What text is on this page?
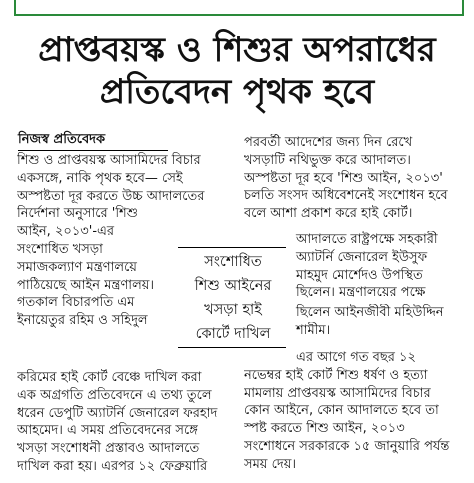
প্রাপ্তবয়স্ক ও শিশুর অপরাধের
প্রতিবেদন পৃথক হবে
নিজস্ব প্রতিবেদক
শিশু ও প্রাপ্তবয়স্ক আসামিদের বিচার
একসঙ্গে, নাকি পৃথক হবে— সেই
অস্পষ্টতা দূর করতে উচ্চ আদালতের
নির্দেশনা অনুসারে 'শিশু
আইন, ২০১৩'-এর
সংশোধিত খসড়া
সমাজকল্যাণ মন্ত্রণালয়ে
পাঠিয়েছে আইন মন্ত্রণালয়।
গতকাল বিচারপতি এম
ইনায়েতুর রহিম ও সহিদুল
করিমের হাই কোর্ট বেঞ্চে দাখিল করা
এক অগ্রগতি প্রতিবেদনে এ তথ্য তুলে
ধরেন ডেপুটি অ্যাটর্নি জেনারেল ফরহাদ
আহমেদ। এ সময় প্রতিবেদনের সঙ্গে
খসড়া সংশোধনী প্রস্তাবও আদালতে
দাখিল করা হয়। এরপর ১২ ফেব্রুয়ারি
পরবর্তী আদেশের জন্য দিন রেখে
খসড়াটি নথিভুক্ত করে আদালত।
অস্পষ্টতা দূর হবে 'শিশু আইন, ২০১৩'
চলতি সংসদ অধিবেশনেই সংশোধন হবে
বলে আশা প্রকাশ করে হাই কোর্ট।
আদালতে রাষ্ট্রপক্ষে সহকারী
অ্যাটর্নি জেনারেল ইউসুফ
মাহমুদ মোর্শেদও উপস্থিত
ছিলেন। মন্ত্রণালয়ের পক্ষে
ছিলেন আইনজীবী মহিউদ্দিন
শামীম।
এর আগে গত বছর ১২
নভেম্বর হাই কোর্ট শিশু ধর্ষণ ও হত্যা
মামলায় প্রাপ্তবয়স্ক আসামিদের বিচার
কোন আইনে, কোন আদালতে হবে তা
স্পষ্ট করতে শিশু আইন, ২০১৩
সংশোধনে সরকারকে ১৫ জানুয়ারি পর্যন্ত
সময় দেয়।
সংশোধিত
শিশু আইনের
খসড়া হাই
কোর্টে দাখিল
